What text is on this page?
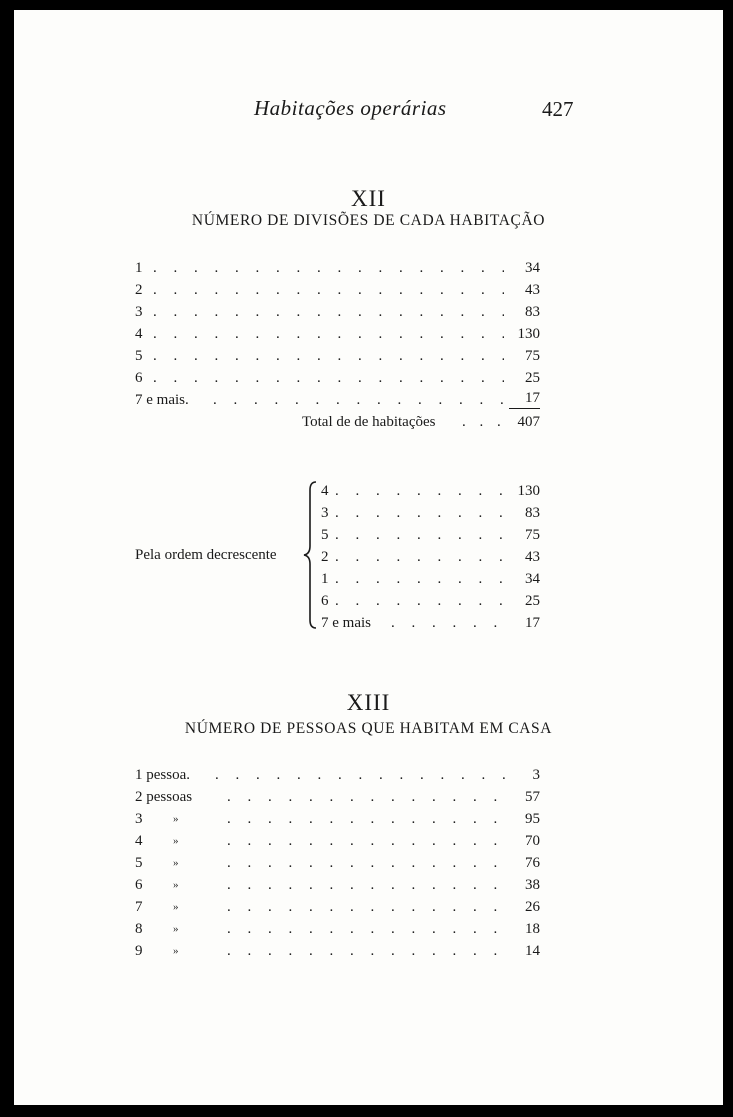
Habitações operárias	427
XII
NÚMERO DE DIVISÕES DE CADA HABITAÇÃO
1 . . .	34
2 . . .	43
3 . . .	83
4 . . .	130
5 . . .	75
6 . . .	25
7 e mais. . . .	17
Total de de habitações . . . 407
Pela ordem decrescente
4 . . .	130
3 . . .	83
5 . . .	75
2 . . .	43
1 . . .	34
6 . . .	25
7 e mais . . .	17
XIII
NÚMERO DE PESSOAS QUE HABITAM EM CASA
1 pessoa. . . .	3
2 pessoas . . .	57
3	» . . .	95
4	» . . .	70
5	» . . .	76
6	» . . .	38
7	» . . .	26
8	» . . .	18
9	» . . .	14
